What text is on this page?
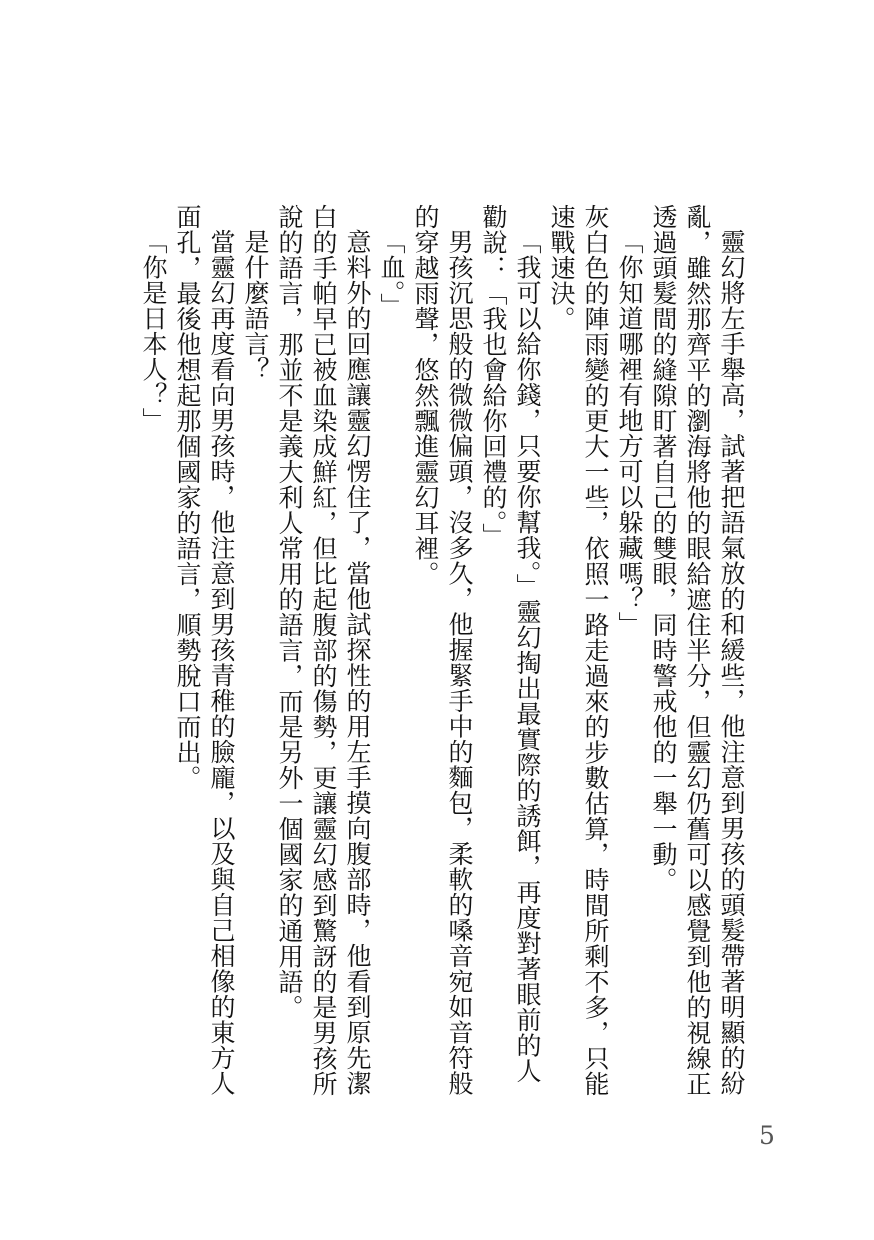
靈幻將左手舉高，試著把語氣放的和緩些，他注意到男孩的頭髮帶著明顯的紛亂，雖然那齊平的瀏海將他的眼給遮住半分，但靈幻仍舊可以感覺到他的視線正透過頭髮間的縫隙盯著自己的雙眼，同時警戒他的一舉一動。

「你知道哪裡有地方可以躲藏嗎？」

灰白色的陣雨變的更大一些，依照一路走過來的步數估算，時間所剩不多，只能速戰速決。

「我可以給你錢，只要你幫我。」靈幻掏出最實際的誘餌，再度對著眼前的人勸說：「我也會給你回禮的。」

男孩沉思般的微微偏頭，沒多久，他握緊手中的麵包，柔軟的嗓音宛如音符般的穿越雨聲，悠然飄進靈幻耳裡。

「血。」

意料外的回應讓靈幻愣住了，當他試探性的用左手摸向腹部時，他看到原先潔白的手帕早已被血染成鮮紅，但比起腹部的傷勢，更讓靈幻感到驚訝的是男孩所說的語言，那並不是義大利人常用的語言，而是另外一個國家的通用語。

是什麼語言？

當靈幻再度看向男孩時，他注意到男孩青稚的臉龐，以及與自己相像的東方人面孔，最後他想起那個國家的語言，順勢脫口而出。

「你是日本人？」

5
